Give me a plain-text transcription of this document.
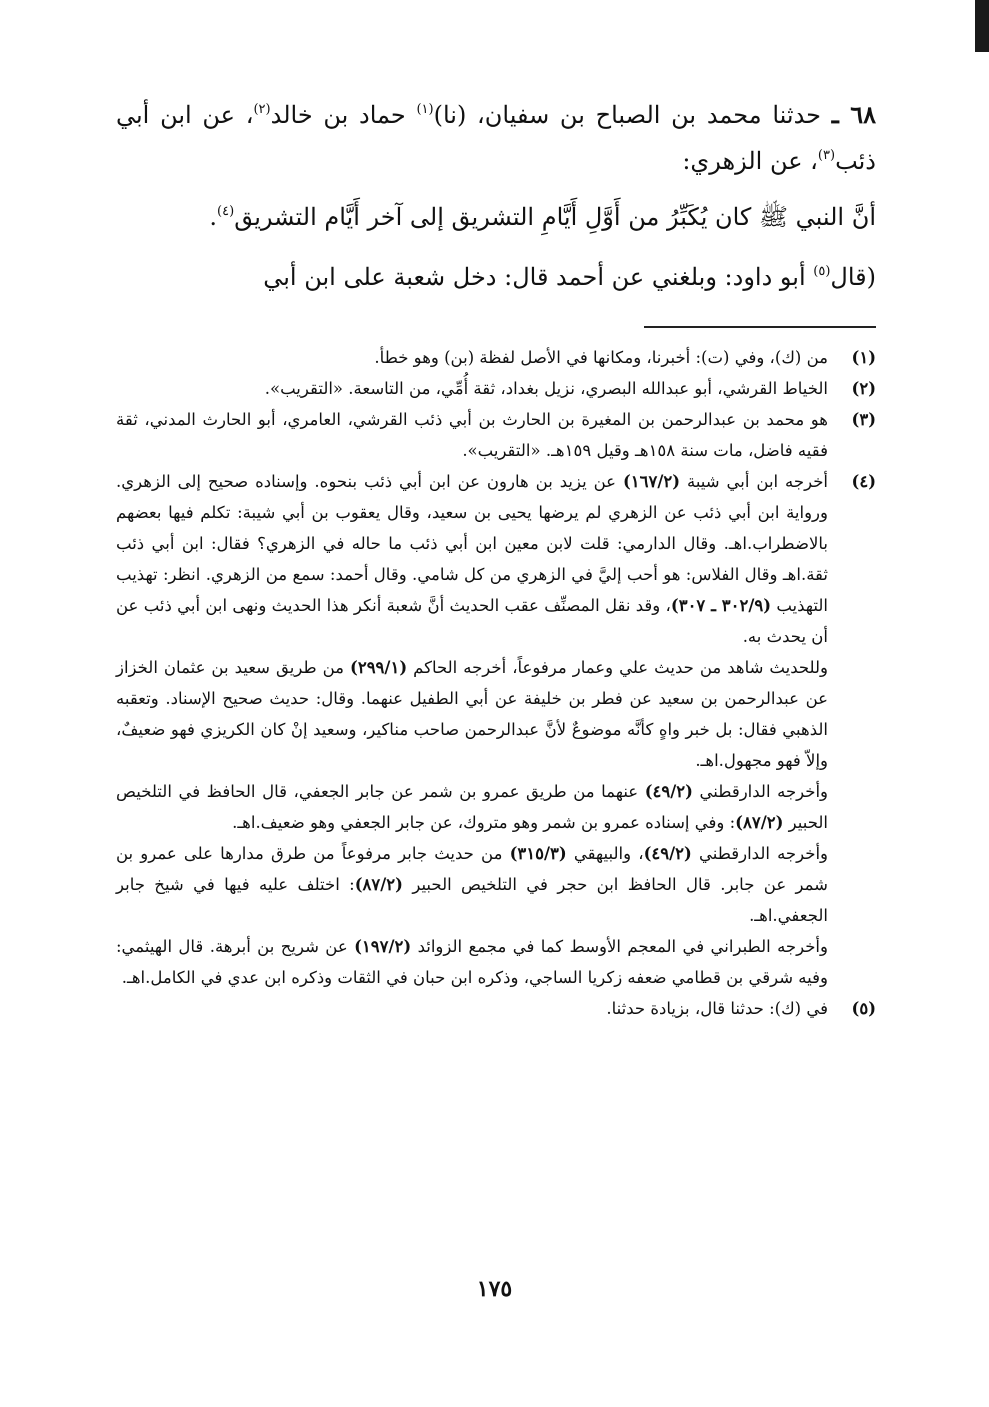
٦٨ ـ حدثنا محمد بن الصباح بن سفيان، (نا)$^{(١)}$ حماد بن خالد$^{(٢)}$، عن ابن أبي ذئب$^{(٣)}$، عن الزهري:

أنَّ النبي ﷺ كان يُكَبِّرُ من أَوَّلِ أَيَّامِ التشريق إلى آخر أَيَّام التشريق$^{(٤)}$.

(قال$^{(٥)}$ أبو داود: وبلغني عن أحمد قال: دخل شعبة على ابن أبي

(١)
من (ك)، وفي (ت): أخبرنا، ومكانها في الأصل لفظة (بن) وهو خطأ.
(٢)
الخياط القرشي، أبو عبدالله البصري، نزيل بغداد، ثقة أُمِّي، من التاسعة. «التقريب».
(٣)
هو محمد بن عبدالرحمن بن المغيرة بن الحارث بن أبي ذئب القرشي، العامري، أبو الحارث المدني، ثقة فقيه فاضل، مات سنة ١٥٨هـ وقيل ١٥٩هـ. «التقريب».
(٤)

أخرجه ابن أبي شيبة (١٦٧/٢) عن يزيد بن هارون عن ابن أبي ذئب بنحوه. وإسناده صحيح إلى الزهري. ورواية ابن أبي ذئب عن الزهري لم يرضها يحيى بن سعيد، وقال يعقوب بن أبي شيبة: تكلم فيها بعضهم بالاضطراب.اهـ. وقال الدارمي: قلت لابن معين ابن أبي ذئب ما حاله في الزهري؟ فقال: ابن أبي ذئب ثقة.اهـ وقال الفلاس: هو أحب إليَّ في الزهري من كل شامي. وقال أحمد: سمع من الزهري. انظر: تهذيب التهذيب (٣٠٢/٩ ـ ٣٠٧)، وقد نقل المصنِّف عقب الحديث أنَّ شعبة أنكر هذا الحديث ونهى ابن أبي ذئب عن أن يحدث به.

وللحديث شاهد من حديث علي وعمار مرفوعاً، أخرجه الحاكم (٢٩٩/١) من طريق سعيد بن عثمان الخزاز عن عبدالرحمن بن سعيد عن فطر بن خليفة عن أبي الطفيل عنهما. وقال: حديث صحيح الإسناد. وتعقبه الذهبي فقال: بل خبر واهٍ كأنَّه موضوعٌ لأنَّ عبدالرحمن صاحب مناكير، وسعيد إنْ كان الكريزي فهو ضعيفٌ، وإلاّ فهو مجهول.اهـ.

وأخرجه الدارقطني (٤٩/٢) عنهما من طريق عمرو بن شمر عن جابر الجعفي، قال الحافظ في التلخيص الحبير (٨٧/٢): وفي إسناده عمرو بن شمر وهو متروك، عن جابر الجعفي وهو ضعيف.اهـ.

وأخرجه الدارقطني (٤٩/٢)، والبيهقي (٣١٥/٣) من حديث جابر مرفوعاً من طرق مدارها على عمرو بن شمر عن جابر. قال الحافظ ابن حجر في التلخيص الحبير (٨٧/٢): اختلف عليه فيها في شيخ جابر الجعفي.اهـ.

وأخرجه الطبراني في المعجم الأوسط كما في مجمع الزوائد (١٩٧/٢) عن شريح بن أبرهة. قال الهيثمي: وفيه شرقي بن قطامي ضعفه زكريا الساجي، وذكره ابن حبان في الثقات وذكره ابن عدي في الكامل.اهـ.

(٥)
في (ك): حدثنا قال، بزيادة حدثنا.
١٧٥
